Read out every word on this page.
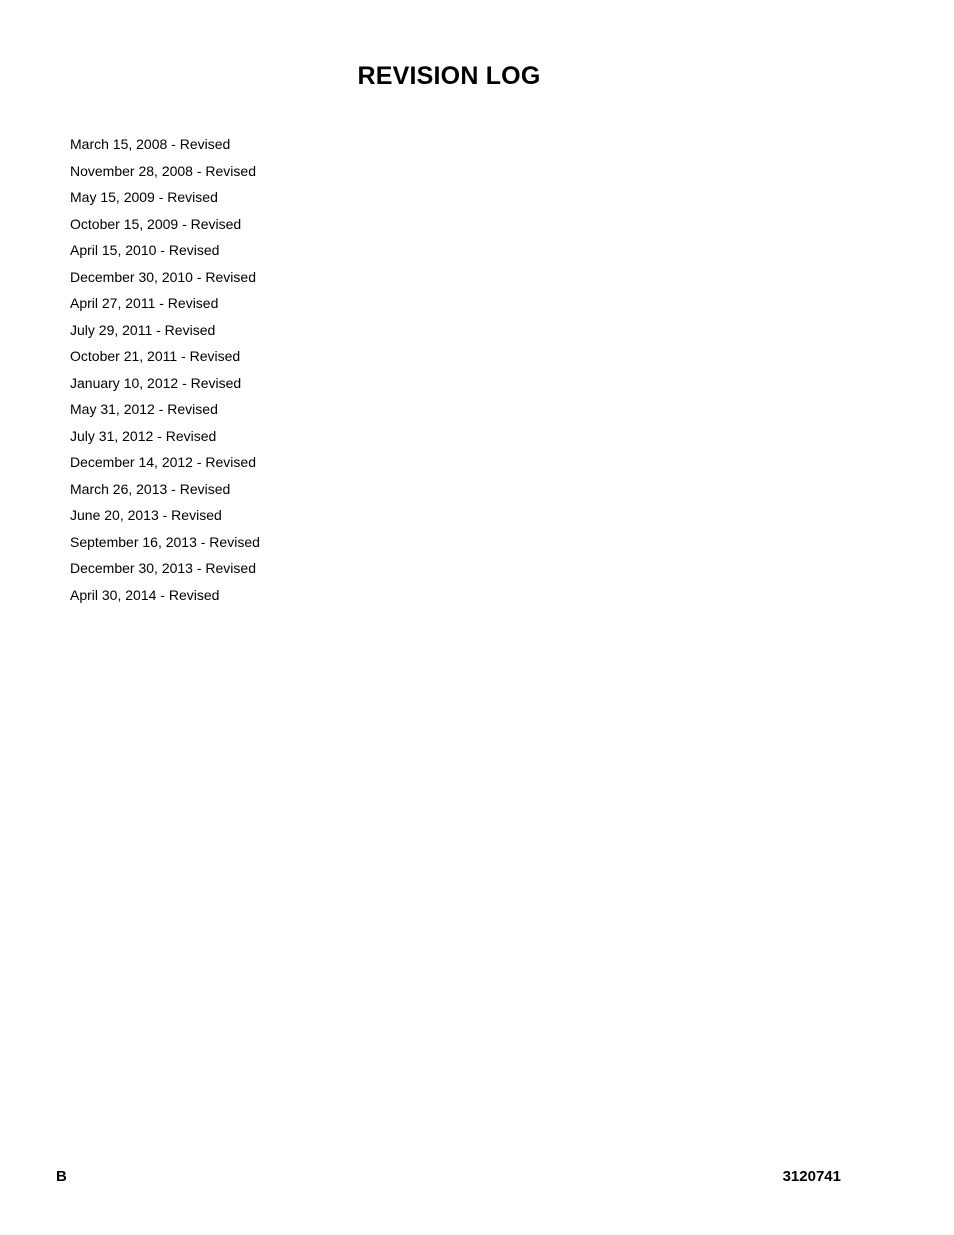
REVISION LOG
March 15, 2008 - Revised
November 28, 2008 - Revised
May 15, 2009 - Revised
October 15, 2009 - Revised
April 15, 2010 - Revised
December 30, 2010 - Revised
April 27, 2011 - Revised
July 29, 2011 - Revised
October 21, 2011 - Revised
January 10, 2012 - Revised
May 31, 2012 - Revised
July 31, 2012 - Revised
December 14, 2012 - Revised
March 26, 2013 - Revised
June 20, 2013 - Revised
September 16, 2013 - Revised
December 30, 2013 - Revised
April 30, 2014 - Revised
B	3120741
